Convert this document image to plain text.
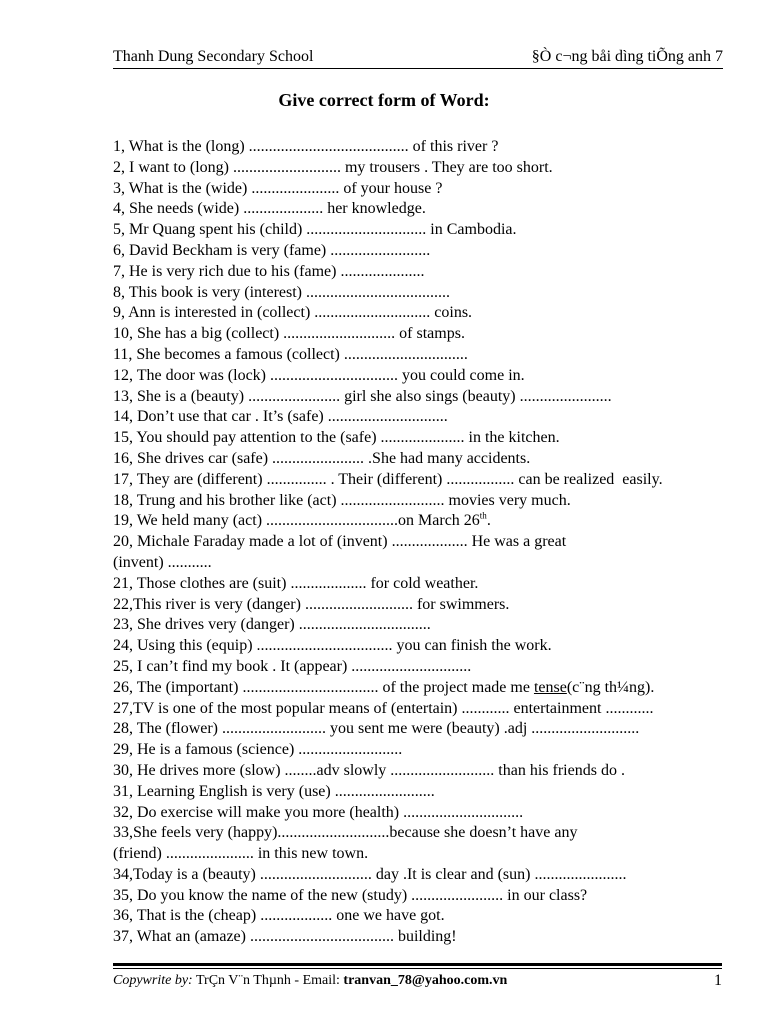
Thanh Dung Secondary School	§Ò c¬ng båi dìng tiÕng anh 7
Give correct form of Word:
1, What is the (long) ........................................ of this river ?
2, I want to (long) ........................... my trousers . They are too short.
3, What is the (wide) ...................... of your house ?
4, She needs (wide) .................... her knowledge.
5, Mr Quang spent his (child) .............................. in Cambodia.
6, David Beckham is very (fame) .........................
7, He is very rich due to his (fame) .....................
8, This book is very (interest) ....................................
9, Ann is interested in (collect) ............................. coins.
10, She has a big (collect) ............................ of stamps.
11, She becomes a famous (collect) ...............................
12, The door was (lock) ................................ you could come in.
13, She is a (beauty) ....................... girl she also sings (beauty) .......................
14, Don’t use that car . It’s (safe) ..............................
15, You should pay attention to the (safe) ..................... in the kitchen.
16, She drives car (safe) ....................... .She had many accidents.
17, They are (different) ............... . Their (different) ................. can be realized  easily.
18, Trung and his brother like (act) .......................... movies very much.
19, We held many (act) .................................on March 26th.
20, Michale Faraday made a lot of (invent) ................... He was a great
(invent) ...........
21, Those clothes are (suit) ................... for cold weather.
22,This river is very (danger) ........................... for swimmers.
23, She drives very (danger) .................................
24, Using this (equip) .................................. you can finish the work.
25, I can’t find my book . It (appear) ..............................
26, The (important) .................................. of the project made me tense(c¨ng th¼ng).
27,TV is one of the most popular means of (entertain) ............ entertainment ............
28, The (flower) .......................... you sent me were (beauty) .adj ...........................
29, He is a famous (science) ..........................
30, He drives more (slow) ........adv slowly .......................... than his friends do .
31, Learning English is very (use) .........................
32, Do exercise will make you more (health) ..............................
33,She feels very (happy)............................because she doesn’t have any
(friend) ...................... in this new town.
34,Today is a (beauty) ............................ day .It is clear and (sun) .......................
35, Do you know the name of the new (study) ....................... in our class?
36, That is the (cheap) .................. one we have got.
37, What an (amaze) .................................... building!
Copywrite by: TrÇn V¨n Thµnh - Email: tranvan_78@yahoo.com.vn	1
